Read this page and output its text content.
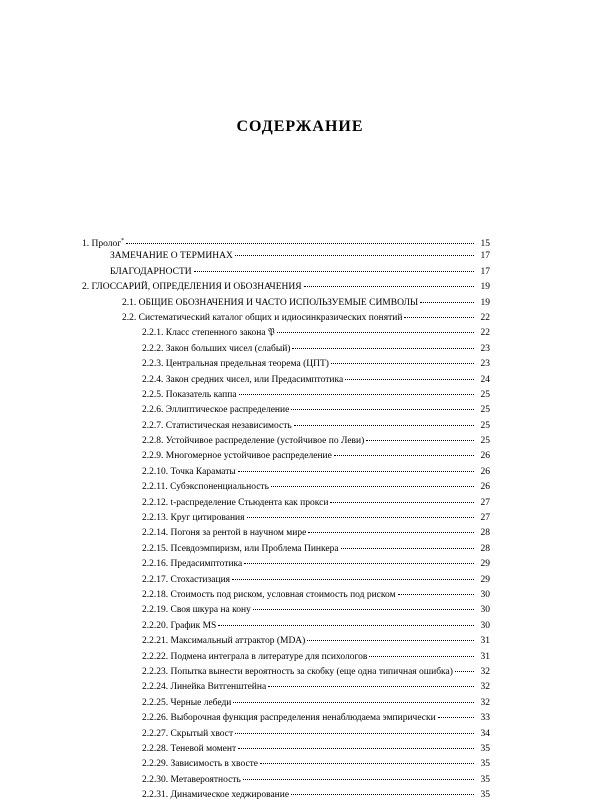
СОДЕРЖАНИЕ
1. Пролог*	15
ЗАМЕЧАНИЕ О ТЕРМИНАХ	17
БЛАГОДАРНОСТИ	17
2. ГЛОССАРИЙ, ОПРЕДЕЛЕНИЯ И ОБОЗНАЧЕНИЯ	19
2.1. ОБЩИЕ ОБОЗНАЧЕНИЯ И ЧАСТО ИСПОЛЬЗУЕМЫЕ СИМВОЛЫ	19
2.2. Систематический каталог общих и идиосинкразических понятий	22
2.2.1. Класс степенного закона 𝔓	22
2.2.2. Закон больших чисел (слабый)	23
2.2.3. Центральная предельная теорема (ЦПТ)	23
2.2.4. Закон средних чисел, или Предасимптотика	24
2.2.5. Показатель каппа	25
2.2.6. Эллиптическое распределение	25
2.2.7. Статистическая независимость	25
2.2.8. Устойчивое распределение (устойчивое по Леви)	25
2.2.9. Многомерное устойчивое распределение	26
2.2.10. Точка Караматы	26
2.2.11. Субэкспоненциальность	26
2.2.12. t-распределение Стьюдента как прокси	27
2.2.13. Круг цитирования	27
2.2.14. Погоня за рентой в научном мире	28
2.2.15. Псевдоэмпиризм, или Проблема Пинкера	28
2.2.16. Предасимптотика	29
2.2.17. Стохастизация	29
2.2.18. Стоимость под риском, условная стоимость под риском	30
2.2.19. Своя шкура на кону	30
2.2.20. График MS	30
2.2.21. Максимальный аттрактор (MDA)	31
2.2.22. Подмена интеграла в литературе для психологов	31
2.2.23. Попытка вынести вероятность за скобку (еще одна типичная ошибка)	32
2.2.24. Линейка Витгенштейна	32
2.2.25. Черные лебеди	32
2.2.26. Выборочная функция распределения ненаблюдаема эмпирически	33
2.2.27. Скрытый хвост	34
2.2.28. Теневой момент	35
2.2.29. Зависимость в хвосте	35
2.2.30. Метавероятность	35
2.2.31. Динамическое хеджирование	35
